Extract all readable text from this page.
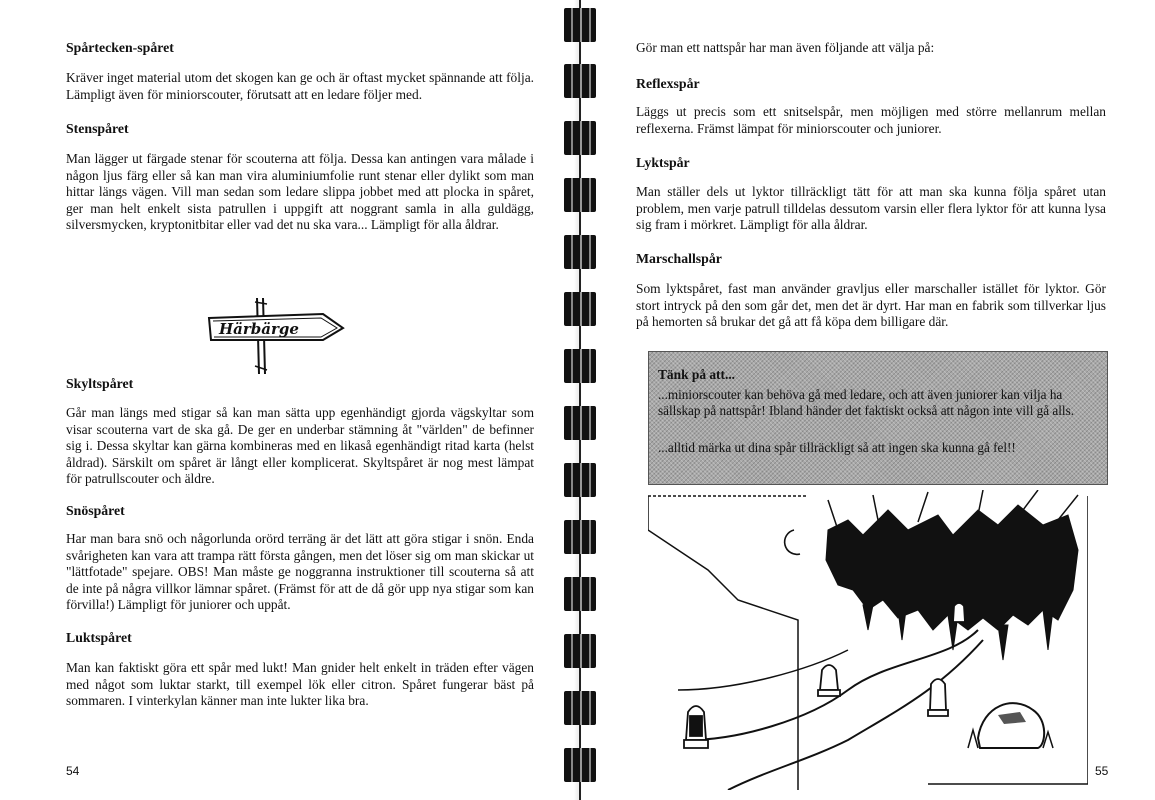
Spårtecken-spåret
Kräver inget material utom det skogen kan ge och är oftast mycket spännande att följa. Lämpligt även för miniorscouter, förutsatt att en ledare följer med.
Stenspåret
Man lägger ut färgade stenar för scouterna att följa. Dessa kan antingen vara målade i någon ljus färg eller så kan man vira aluminiumfolie runt stenar eller dylikt som man hittar längs vägen. Vill man sedan som ledare slippa jobbet med att plocka in spåret, ger man helt enkelt sista patrullen i uppgift att noggrant samla in alla guldägg, silversmycken, kryptonitbitar eller vad det nu ska vara... Lämpligt för alla åldrar.
Härbärge
Skyltspåret
Går man längs med stigar så kan man sätta upp egenhändigt gjorda vägskyltar som visar scouterna vart de ska gå. De ger en underbar stämning åt "världen" de befinner sig i. Dessa skyltar kan gärna kombineras med en likaså egenhändigt ritad karta (helst åldrad). Särskilt om spåret är långt eller komplicerat. Skyltspåret är nog mest lämpat för patrullscouter och äldre.
Snöspåret
Har man bara snö och någorlunda orörd terräng är det lätt att göra stigar i snön. Enda svårigheten kan vara att trampa rätt första gången, men det löser sig om man skickar ut "lättfotade" spejare. OBS! Man måste ge noggranna instruktioner till scouterna så att de inte på några villkor lämnar spåret. (Främst för att de då gör upp nya stigar som kan förvilla!) Lämpligt för juniorer och uppåt.
Luktspåret
Man kan faktiskt göra ett spår med lukt! Man gnider helt enkelt in träden efter vägen med något som luktar starkt, till exempel lök eller citron. Spåret fungerar bäst på sommaren. I vinterkylan känner man inte lukter lika bra.
54
Gör man ett nattspår har man även följande att välja på:
Reflexspår
Läggs ut precis som ett snitselspår, men möjligen med större mellanrum mellan reflexerna. Främst lämpat för miniorscouter och juniorer.
Lyktspår
Man ställer dels ut lyktor tillräckligt tätt för att man ska kunna följa spåret utan problem, men varje patrull tilldelas dessutom varsin eller flera lyktor för att kunna lysa sig fram i mörkret. Lämpligt för alla åldrar.
Marschallspår
Som lyktspåret, fast man använder gravljus eller marschaller istället för lyktor. Gör stort intryck på den som går det, men det är dyrt. Har man en fabrik som tillverkar ljus på hemorten så brukar det gå att få köpa dem billigare där.
55
Tänk på att...
...miniorscouter kan behöva gå med ledare, och att även juniorer kan vilja ha sällskap på nattspår! Ibland händer det faktiskt också att någon inte vill gå alls.
...alltid märka ut dina spår tillräckligt så att ingen ska kunna gå fel!!
